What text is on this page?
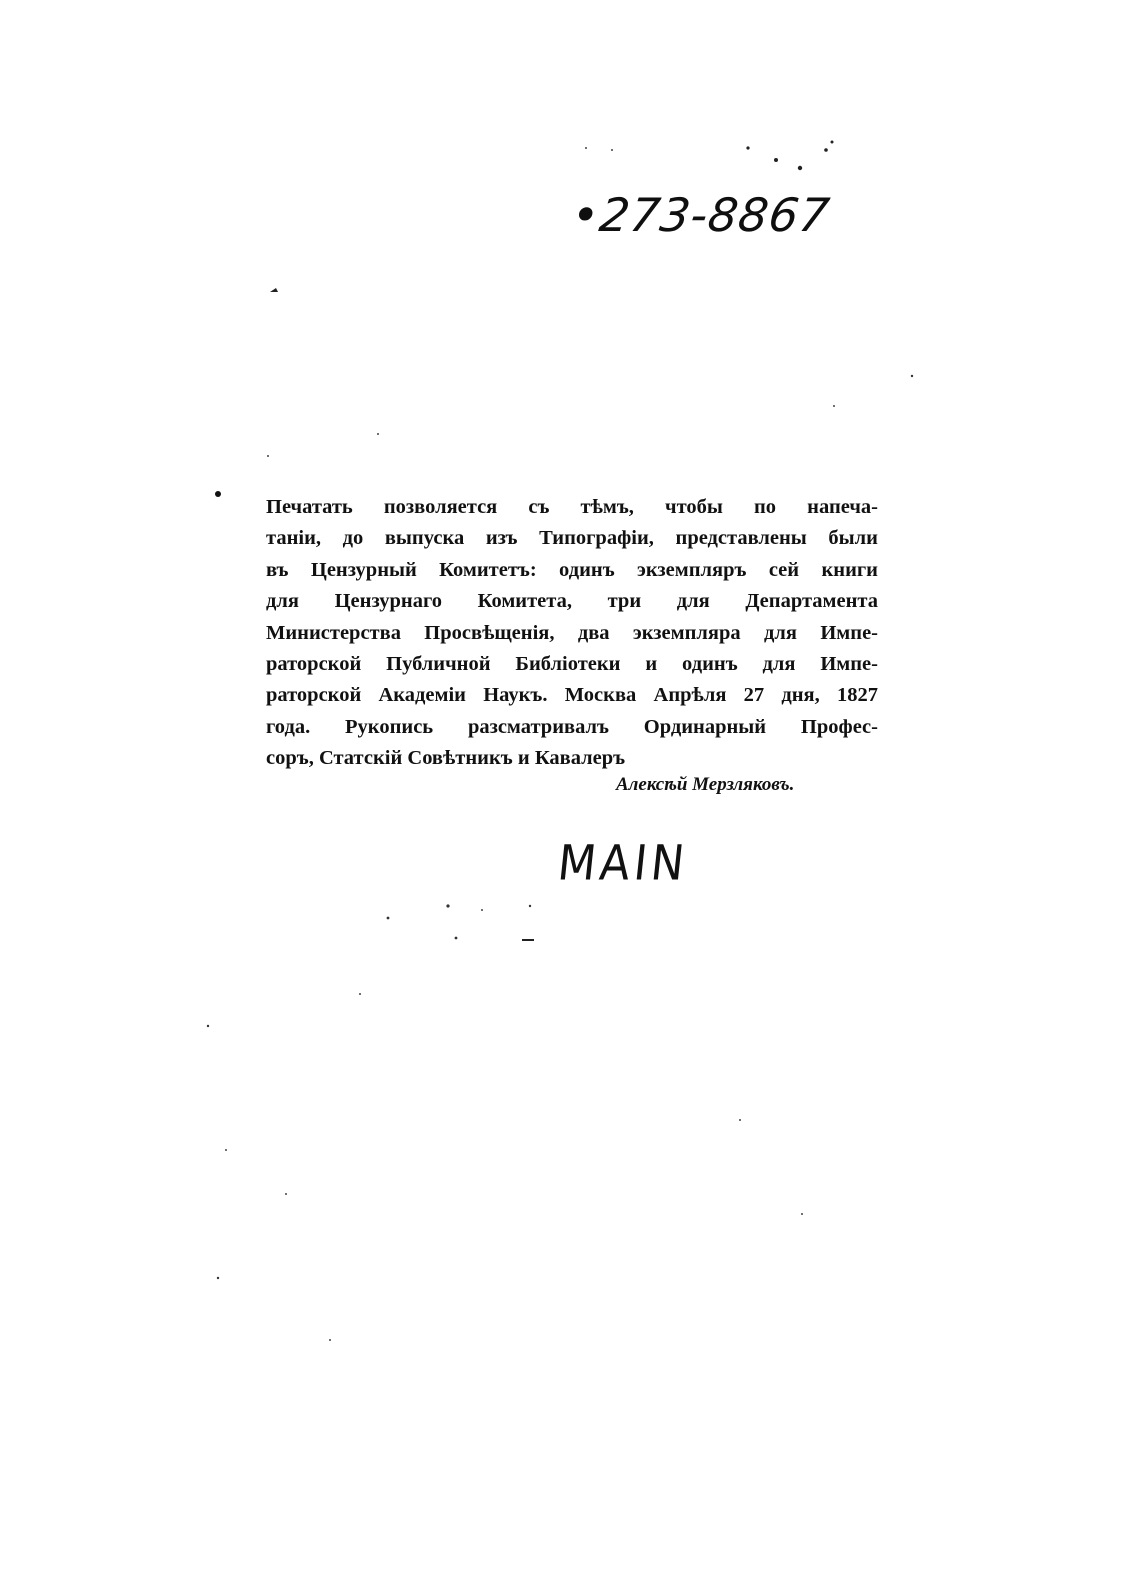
•273-8867
Печатать позволяется съ тѣмъ, чтобы по напеча-
таніи, до выпуска изъ Типографіи, представлены были
въ Цензурный Комитетъ: одинъ экземпляръ сей книги
для Цензурнаго Комитета, три для Департамента
Министерства Просвѣщенія, два экземпляра для Импе-
раторской Публичной Библіотеки и одинъ для Импе-
раторской Академіи Наукъ. Москва Апрѣля 27 дня, 1827
года. Рукопись разсматривалъ Ординарный Профес-
соръ, Статскій Совѣтникъ и Кавалеръ
Алексѣй Мерзляковъ.
MAIN
